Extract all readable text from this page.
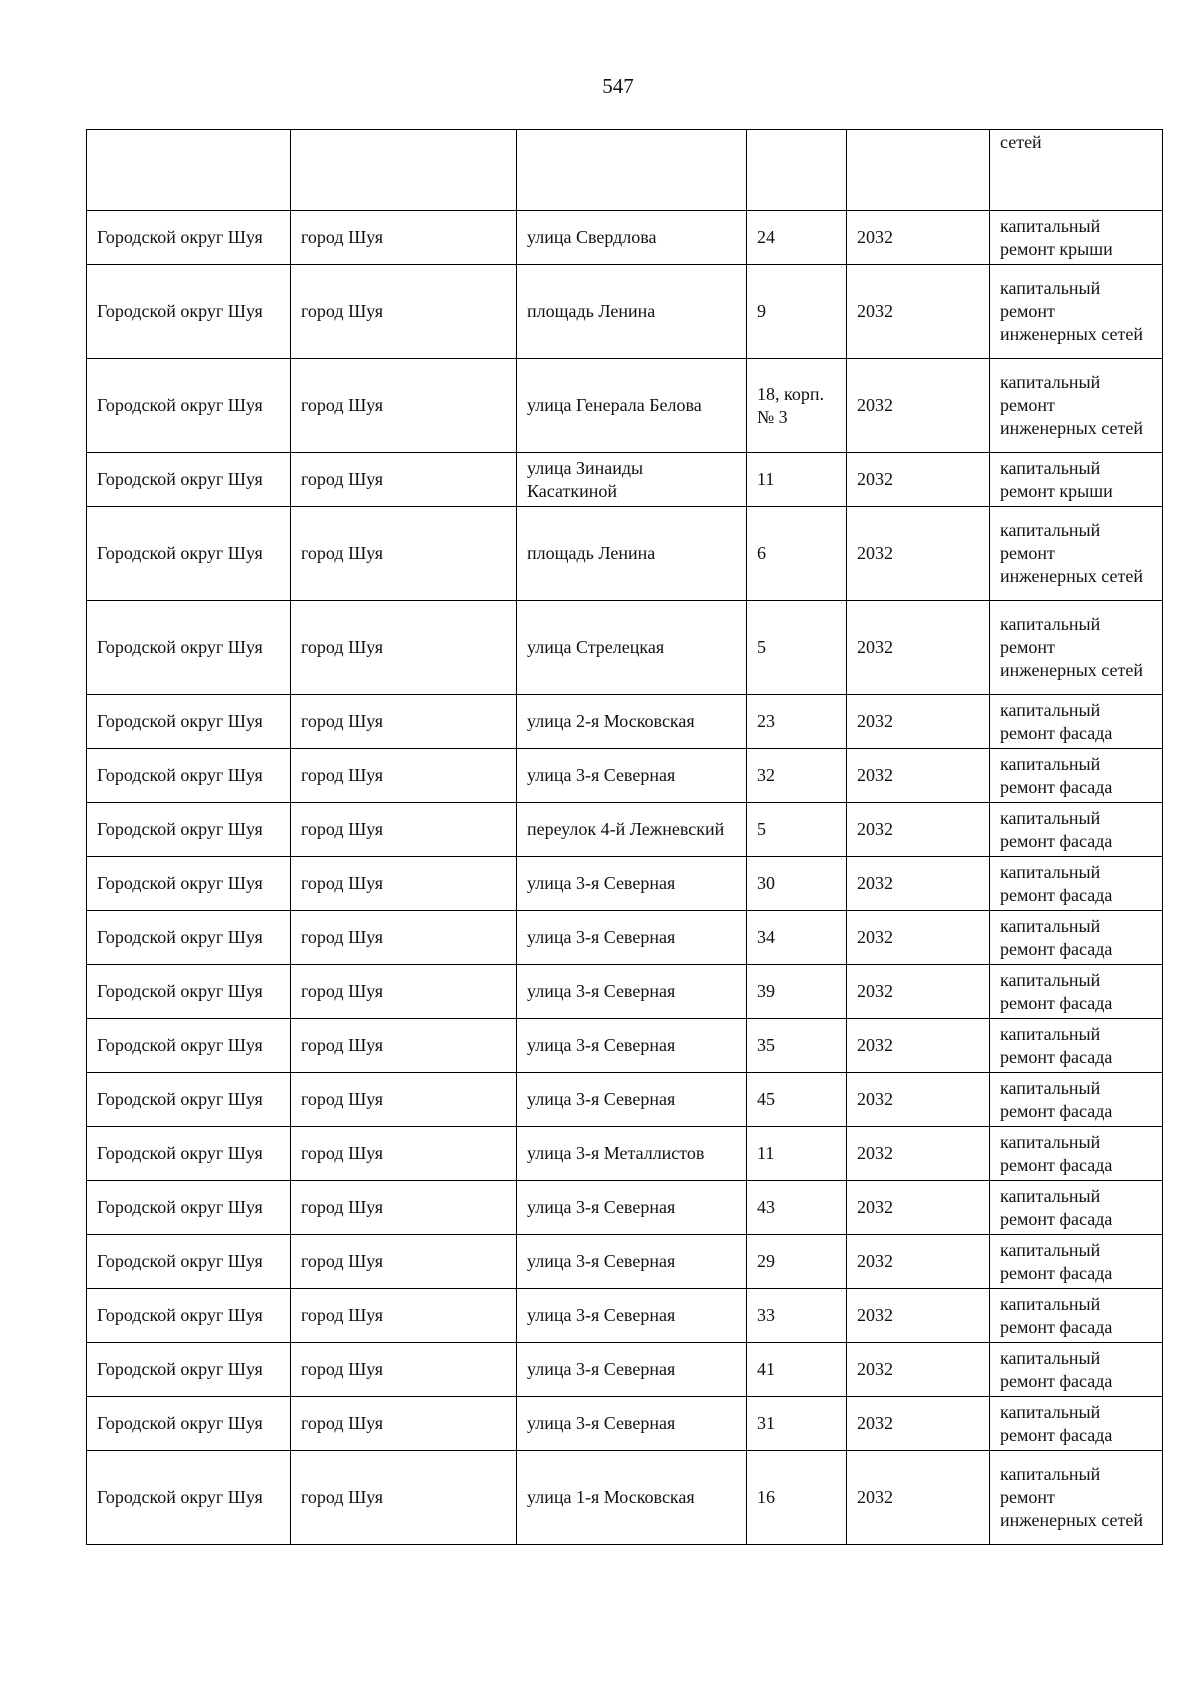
547
					сетей
Городской округ Шуя	город Шуя	улица Свердлова	24	2032	капитальный ремонт крыши
Городской округ Шуя	город Шуя	площадь Ленина	9	2032	капитальный ремонт инженерных сетей
Городской округ Шуя	город Шуя	улица Генерала Белова	18, корп. № 3	2032	капитальный ремонт инженерных сетей
Городской округ Шуя	город Шуя	улица Зинаиды Касаткиной	11	2032	капитальный ремонт крыши
Городской округ Шуя	город Шуя	площадь Ленина	6	2032	капитальный ремонт инженерных сетей
Городской округ Шуя	город Шуя	улица Стрелецкая	5	2032	капитальный ремонт инженерных сетей
Городской округ Шуя	город Шуя	улица 2-я Московская	23	2032	капитальный ремонт фасада
Городской округ Шуя	город Шуя	улица 3-я Северная	32	2032	капитальный ремонт фасада
Городской округ Шуя	город Шуя	переулок 4-й Лежневский	5	2032	капитальный ремонт фасада
Городской округ Шуя	город Шуя	улица 3-я Северная	30	2032	капитальный ремонт фасада
Городской округ Шуя	город Шуя	улица 3-я Северная	34	2032	капитальный ремонт фасада
Городской округ Шуя	город Шуя	улица 3-я Северная	39	2032	капитальный ремонт фасада
Городской округ Шуя	город Шуя	улица 3-я Северная	35	2032	капитальный ремонт фасада
Городской округ Шуя	город Шуя	улица 3-я Северная	45	2032	капитальный ремонт фасада
Городской округ Шуя	город Шуя	улица 3-я Металлистов	11	2032	капитальный ремонт фасада
Городской округ Шуя	город Шуя	улица 3-я Северная	43	2032	капитальный ремонт фасада
Городской округ Шуя	город Шуя	улица 3-я Северная	29	2032	капитальный ремонт фасада
Городской округ Шуя	город Шуя	улица 3-я Северная	33	2032	капитальный ремонт фасада
Городской округ Шуя	город Шуя	улица 3-я Северная	41	2032	капитальный ремонт фасада
Городской округ Шуя	город Шуя	улица 3-я Северная	31	2032	капитальный ремонт фасада
Городской округ Шуя	город Шуя	улица 1-я Московская	16	2032	капитальный ремонт инженерных сетей
